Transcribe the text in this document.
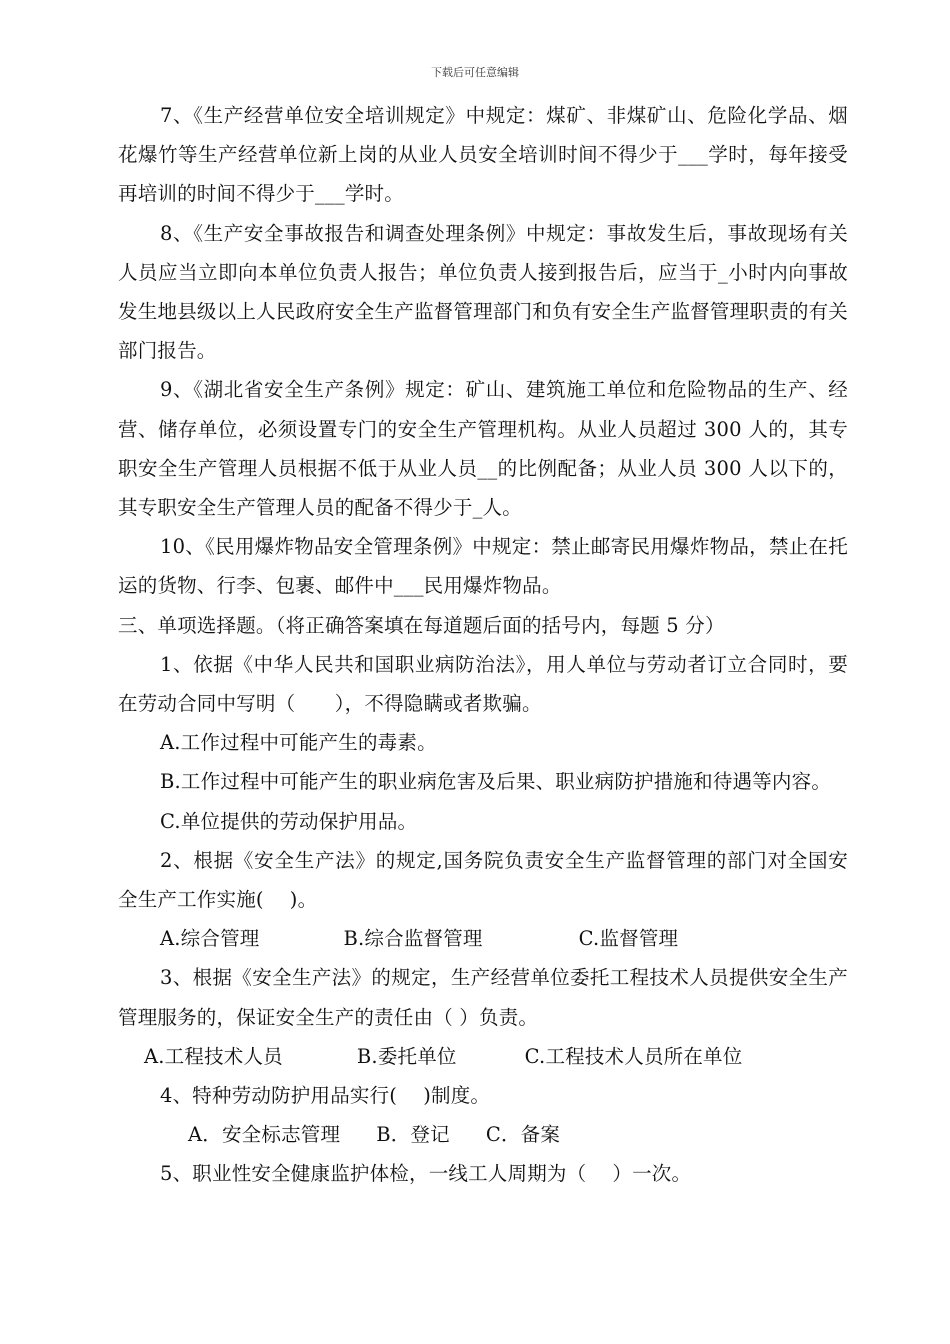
下载后可任意编辑

7、《生产经营单位安全培训规定》中规定：煤矿、非煤矿山、危险化学品、烟花爆竹等生产经营单位新上岗的从业人员安全培训时间不得少于___学时，每年接受再培训的时间不得少于___学时。

8、《生产安全事故报告和调查处理条例》中规定：事故发生后，事故现场有关人员应当立即向本单位负责人报告；单位负责人接到报告后，应当于_小时内向事故发生地县级以上人民政府安全生产监督管理部门和负有安全生产监督管理职责的有关部门报告。

9、《湖北省安全生产条例》规定：矿山、建筑施工单位和危险物品的生产、经营、储存单位，必须设置专门的安全生产管理机构。从业人员超过 300 人的，其专职安全生产管理人员根据不低于从业人员__的比例配备；从业人员 300 人以下的，其专职安全生产管理人员的配备不得少于_人。

10、《民用爆炸物品安全管理条例》中规定：禁止邮寄民用爆炸物品，禁止在托运的货物、行李、包裹、邮件中___民用爆炸物品。

三、单项选择题。（将正确答案填在每道题后面的括号内，每题 5 分）

1、依据《中华人民共和国职业病防治法》，用人单位与劳动者订立合同时，要在劳动合同中写明（　　），不得隐瞒或者欺骗。

A.工作过程中可能产生的毒素。

B.工作过程中可能产生的职业病危害及后果、职业病防护措施和待遇等内容。

C.单位提供的劳动保护用品。

2、根据《安全生产法》的规定,国务院负责安全生产监督管理的部门对全国安全生产工作实施(　 )。

A.综合管理	B.综合监督管理	C.监督管理

3、根据《安全生产法》的规定，生产经营单位委托工程技术人员提供安全生产管理服务的，保证安全生产的责任由（ ）负责。

A.工程技术人员	B.委托单位	C.工程技术人员所在单位

4、特种劳动防护用品实行(　 )制度。

A．安全标志管理 B．登记 C．备案

5、职业性安全健康监护体检，一线工人周期为（　 ）一次。
